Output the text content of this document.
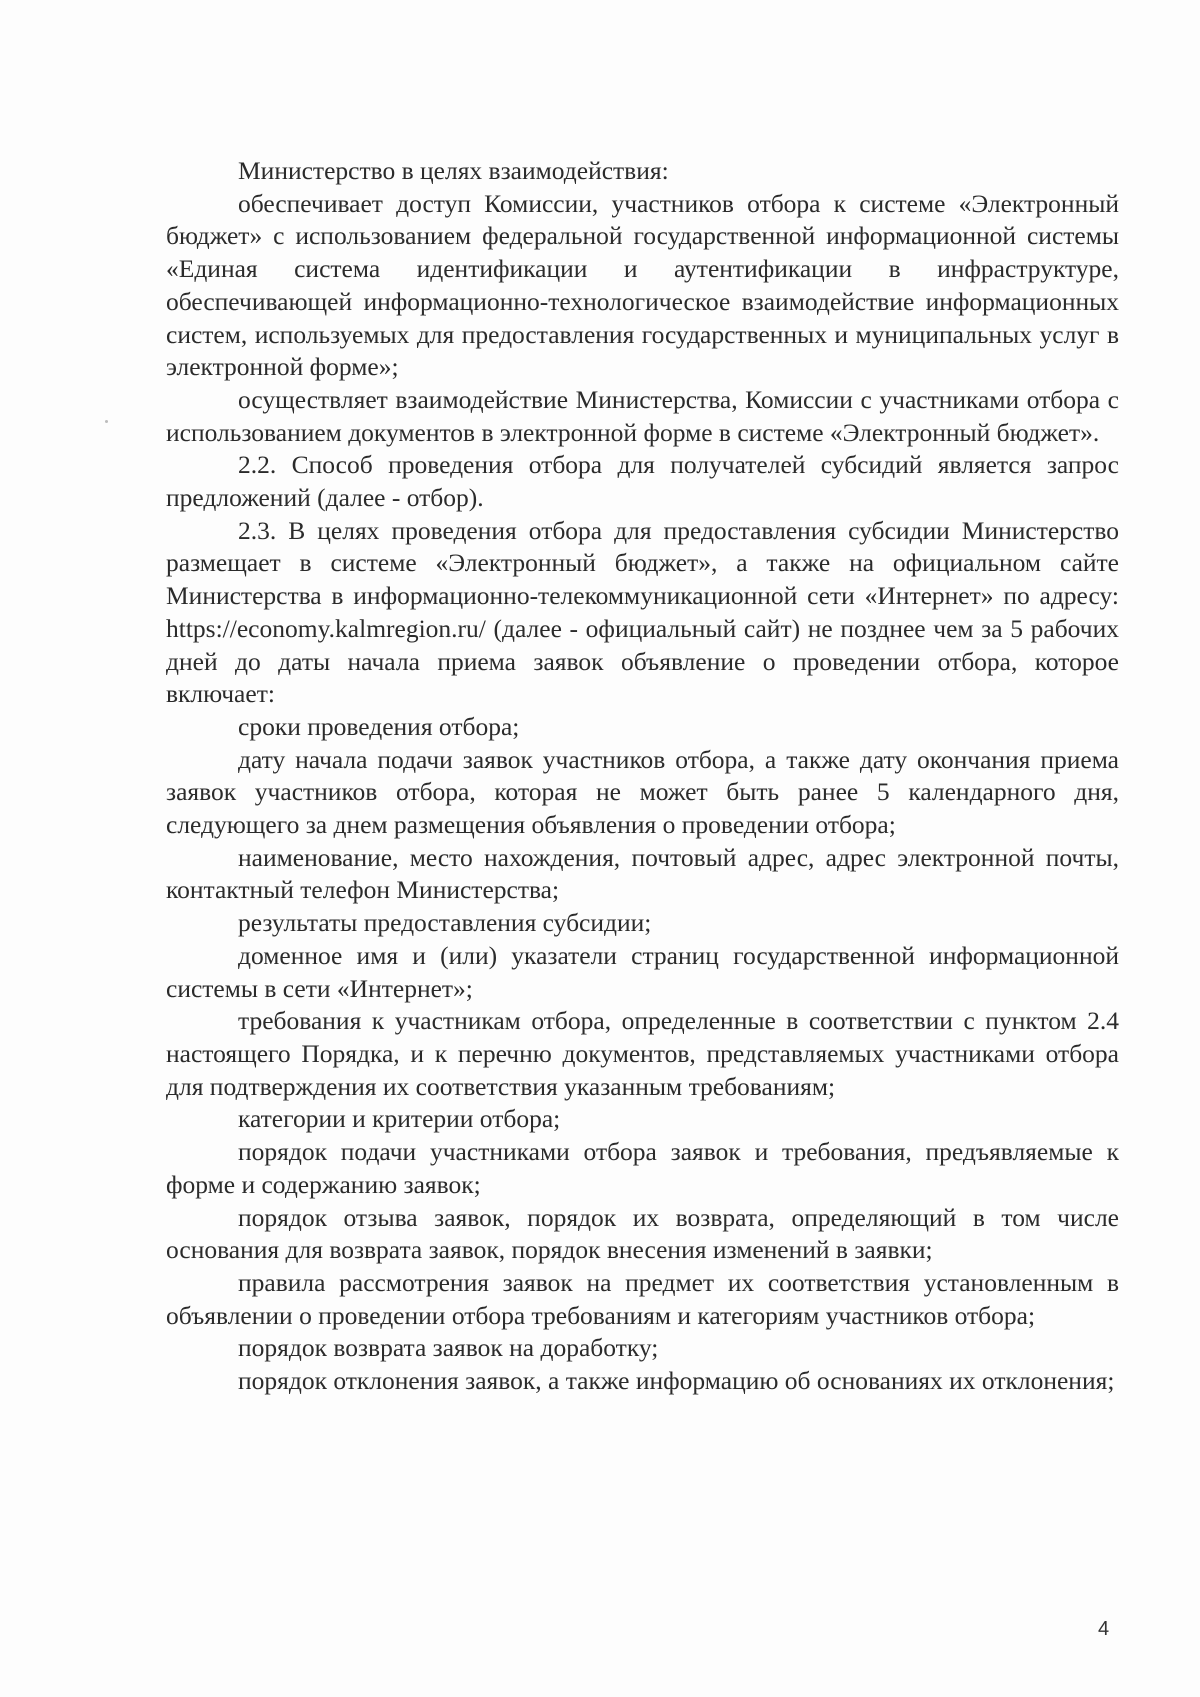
Министерство в целях взаимодействия:

обеспечивает доступ Комиссии, участников отбора к системе «Электронный бюджет» с использованием федеральной государственной информационной системы «Единая система идентификации и аутентификации в инфраструктуре, обеспечивающей информационно-технологическое взаимодействие информационных систем, используемых для предоставления государственных и муниципальных услуг в электронной форме»;

осуществляет взаимодействие Министерства, Комиссии с участниками отбора с использованием документов в электронной форме в системе «Электронный бюджет».

2.2. Способ проведения отбора для получателей субсидий является запрос предложений (далее - отбор).

2.3. В целях проведения отбора для предоставления субсидии Министерство размещает в системе «Электронный бюджет», а также на официальном сайте Министерства в информационно-телекоммуникационной сети «Интернет» по адресу: https://economy.kalmregion.ru/ (далее - официальный сайт) не позднее чем за 5 рабочих дней до даты начала приема заявок объявление о проведении отбора, которое включает:

сроки проведения отбора;

дату начала подачи заявок участников отбора, а также дату окончания приема заявок участников отбора, которая не может быть ранее 5 календарного дня, следующего за днем размещения объявления о проведении отбора;

наименование, место нахождения, почтовый адрес, адрес электронной почты, контактный телефон Министерства;

результаты предоставления субсидии;

доменное имя и (или) указатели страниц государственной информационной системы в сети «Интернет»;

требования к участникам отбора, определенные в соответствии с пунктом 2.4 настоящего Порядка, и к перечню документов, представляемых участниками отбора для подтверждения их соответствия указанным требованиям;

категории и критерии отбора;

порядок подачи участниками отбора заявок и требования, предъявляемые к форме и содержанию заявок;

порядок отзыва заявок, порядок их возврата, определяющий в том числе основания для возврата заявок, порядок внесения изменений в заявки;

правила рассмотрения заявок на предмет их соответствия установленным в объявлении о проведении отбора требованиям и категориям участников отбора;

порядок возврата заявок на доработку;

порядок отклонения заявок, а также информацию об основаниях их отклонения;

4
